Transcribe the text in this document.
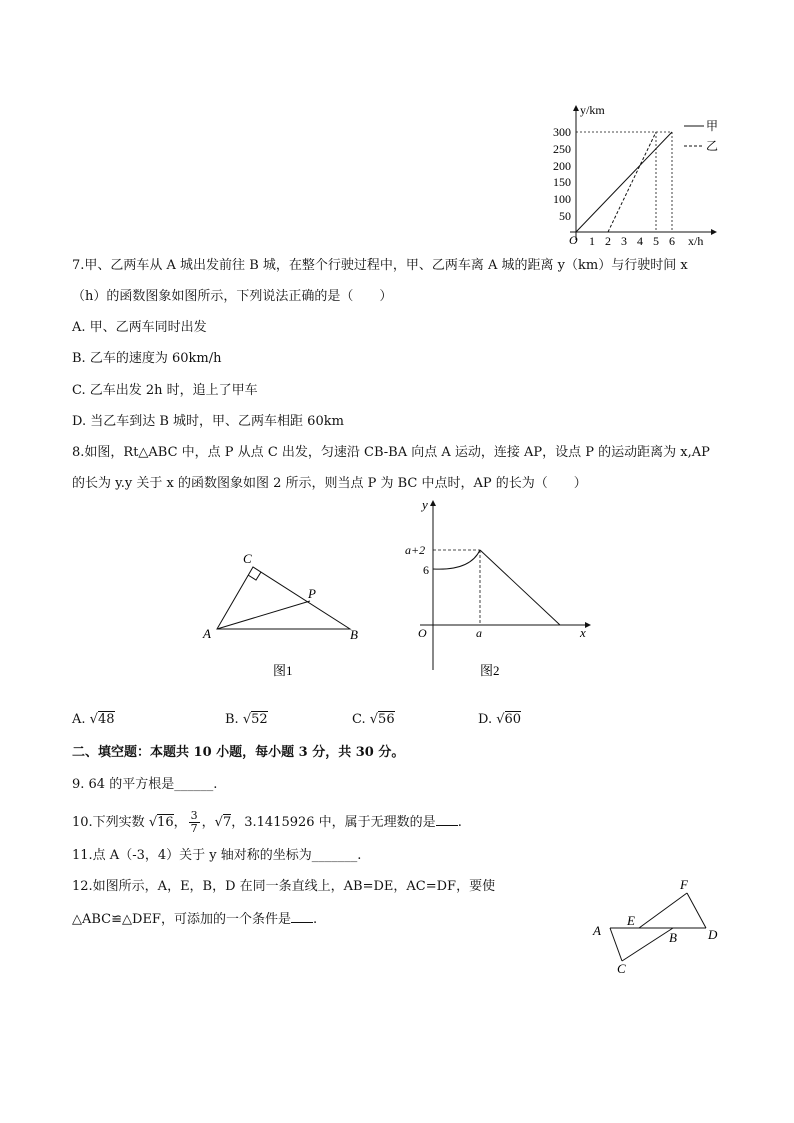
y/km
x/h
O
300
250
200
150
100
50
1 2 3 4 5 6
甲
乙
7.甲、乙两车从 A 城出发前往 B 城，在整个行驶过程中，甲、乙两车离 A 城的距离 y（km）与行驶时间 x
（h）的函数图象如图所示，下列说法正确的是（　　）
A. 甲、乙两车同时出发
B. 乙车的速度为 60km/h
C. 乙车出发 2h 时，追上了甲车
D. 当乙车到达 B 城时，甲、乙两车相距 60km
8.如图，Rt△ABC 中，点 P 从点 C 出发，匀速沿 CB-BA 向点 A 运动，连接 AP，设点 P 的运动距离为 x,AP
的长为 y.y 关于 x 的函数图象如图 2 所示，则当点 P 为 BC 中点时，AP 的长为（　　）
A	B
C
P
图1
y
x
O
a+2
6
a
图2
A. √48	B. √52	C. √56	D. √60
二、填空题：本题共 10 小题，每小题 3 分，共 30 分。
9. 64 的平方根是______.
10.下列实数 √16， $\frac{3}{7}$ ，√7，3.1415926 中，属于无理数的是 .
11.点 A（-3，4）关于 y 轴对称的坐标为_______.
12.如图所示，A，E，B，D 在同一条直线上，AB=DE，AC=DF，要使
△ABC≌△DEF，可添加的一个条件是 .
A
E
B D
C
F
